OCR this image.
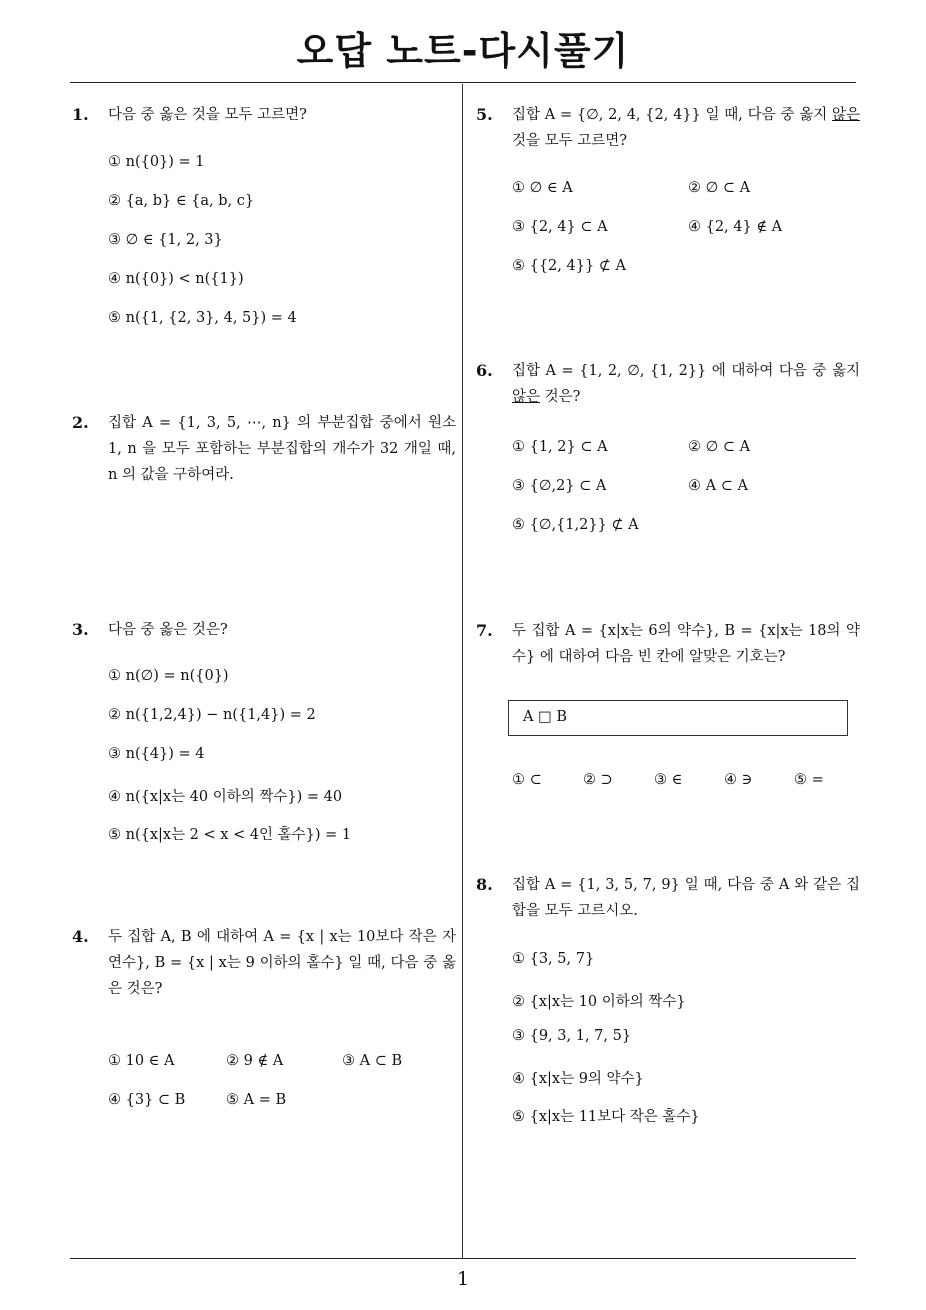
오답 노트-다시풀기
1
1. 다음 중 옳은 것을 모두 고르면?
① n({0}) = 1
② {a, b} ∈ {a, b, c}
③ ∅ ∈ {1, 2, 3}
④ n({0}) < n({1})
⑤ n({1, {2, 3}, 4, 5}) = 4
2. 집합 A = {1, 3, 5, ⋯, n} 의 부분집합 중에서 원소 1, n 을 모두 포함하는 부분집합의 개수가 32 개일 때, n 의 값을 구하여라.
3. 다음 중 옳은 것은?
① n(∅) = n({0})
② n({1,2,4}) − n({1,4}) = 2
③ n({4}) = 4
④ n({x|x는 40 이하의 짝수}) = 40
⑤ n({x|x는 2 < x < 4인 홀수}) = 1
4. 두 집합 A, B 에 대하여 A = {x | x는 10보다 작은 자연수}, B = {x | x는 9 이하의 홀수} 일 때, 다음 중 옳은 것은?
① 10 ∈ A	② 9 ∉ A	③ A ⊂ B
④ {3} ⊂ B	⑤ A = B
5. 집합 A = {∅, 2, 4, {2, 4}} 일 때, 다음 중 옳지 않은 것을 모두 고르면?
① ∅ ∈ A	② ∅ ⊂ A
③ {2, 4} ⊂ A	④ {2, 4} ∉ A
⑤ {{2, 4}} ⊄ A
6. 집합 A = {1, 2, ∅, {1, 2}} 에 대하여 다음 중 옳지 않은 것은?
① {1, 2} ⊂ A	② ∅ ⊂ A
③ {∅,2} ⊂ A	④ A ⊂ A
⑤ {∅,{1,2}} ⊄ A
7. 두 집합 A = {x|x는 6의 약수}, B = {x|x는 18의 약수} 에 대하여 다음 빈 칸에 알맞은 기호는?
A □ B
① ⊂	② ⊃	③ ∈	④ ∋	⑤ =
8. 집합 A = {1, 3, 5, 7, 9} 일 때, 다음 중 A 와 같은 집합을 모두 고르시오.
① {3, 5, 7}
② {x|x는 10 이하의 짝수}
③ {9, 3, 1, 7, 5}
④ {x|x는 9의 약수}
⑤ {x|x는 11보다 작은 홀수}
